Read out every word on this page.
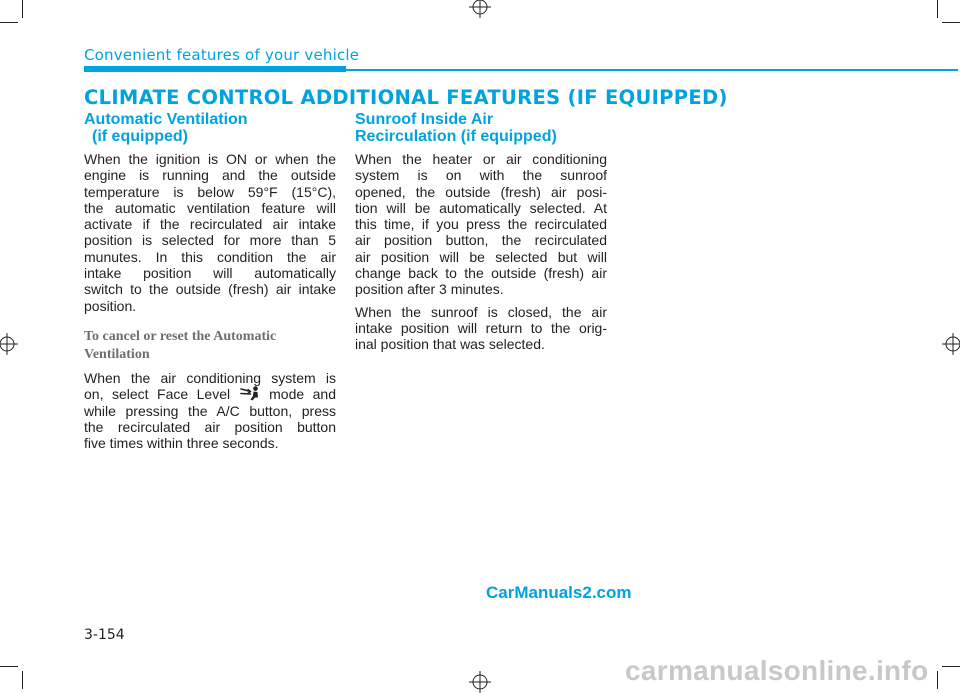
Convenient features of your vehicle
CLIMATE CONTROL ADDITIONAL FEATURES (IF EQUIPPED)
Automatic Ventilation
(if equipped)
When the ignition is ON or when the
engine is running and the outside
temperature is below 59°F (15°C),
the automatic ventilation feature will
activate if the recirculated air intake
position is selected for more than 5
munutes. In this condition the air
intake position will automatically
switch to the outside (fresh) air intake
position.
To cancel or reset the Automatic
Ventilation
When the air conditioning system is
on, select Face Level	mode and
while pressing the A/C button, press
the recirculated air position button
five times within three seconds.
Sunroof Inside Air
Recirculation (if equipped)
When the heater or air conditioning
system is on with the sunroof
opened, the outside (fresh) air posi-
tion will be automatically selected. At
this time, if you press the recirculated
air position button, the recirculated
air position will be selected but will
change back to the outside (fresh) air
position after 3 minutes.
When the sunroof is closed, the air
intake position will return to the orig-
inal position that was selected.
CarManuals2.com
3-154
carmanualsonline.info
